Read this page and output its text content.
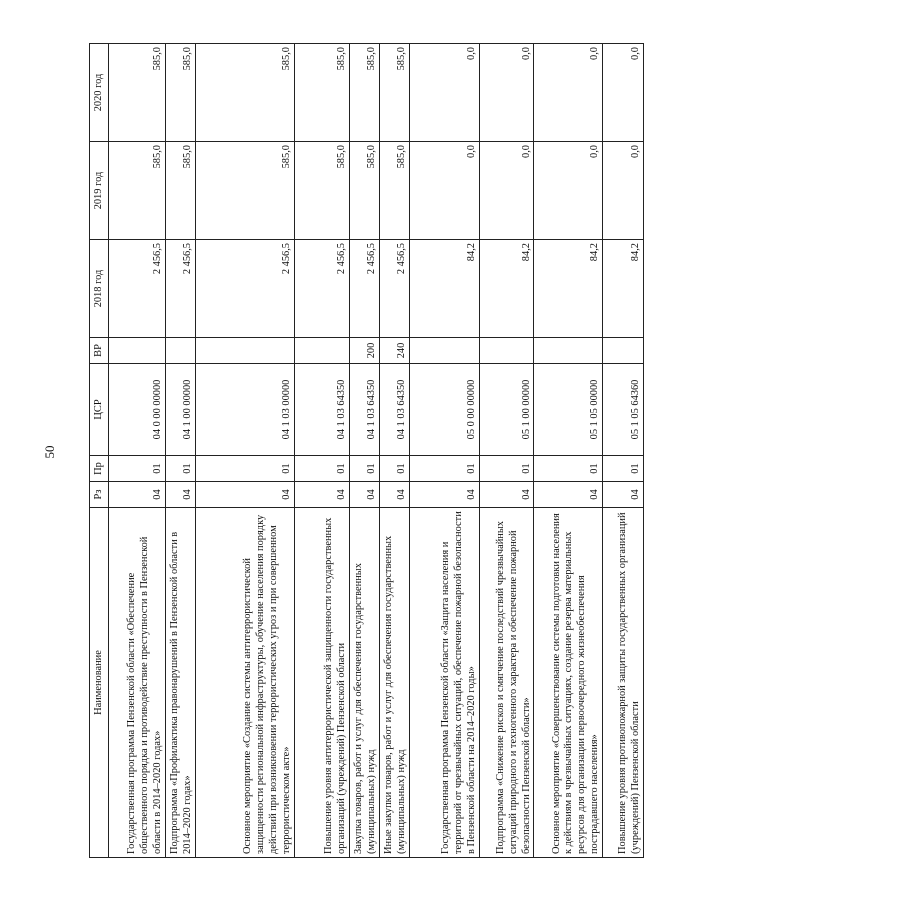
50
Наименование	Рз	Пр	ЦСР	ВР	2018 год	2019 год	2020 год
Государственная программа Пензенской области «Обеспечение общественного порядка и противодействие преступности в Пензенской области в 2014–2020 годах»	04	01	04 0 00 00000		2 456,5	585,0	585,0
Подпрограмма «Профилактика правонарушений в Пензенской области в 2014–2020 годах»	04	01	04 1 00 00000		2 456,5	585,0	585,0
Основное мероприятие «Создание системы антитеррористической защищенности региональной инфраструктуры, обучение населения порядку действий при возникновении террористических угроз и при совершенном террористическом акте»	04	01	04 1 03 00000		2 456,5	585,0	585,0
Повышение уровня антитеррористической защищенности государственных организаций (учреждений) Пензенской области	04	01	04 1 03 64350		2 456,5	585,0	585,0
Закупка товаров, работ и услуг для обеспечения государственных (муниципальных) нужд	04	01	04 1 03 64350	200	2 456,5	585,0	585,0
Иные закупки товаров, работ и услуг для обеспечения государственных (муниципальных) нужд	04	01	04 1 03 64350	240	2 456,5	585,0	585,0
Государственная программа Пензенской области «Защита населения и территорий от чрезвычайных ситуаций, обеспечение пожарной безопасности в Пензенской области на 2014–2020 годы»	04	01	05 0 00 00000		84,2	0,0	0,0
Подпрограмма «Снижение рисков и смягчение последствий чрезвычайных ситуаций природного и техногенного характера и обеспечение пожарной безопасности Пензенской области»	04	01	05 1 00 00000		84,2	0,0	0,0
Основное мероприятие «Совершенствование системы подготовки населения к действиям в чрезвычайных ситуациях, создание резерва материальных ресурсов для организации первоочередного жизнеобеспечения пострадавшего населения»	04	01	05 1 05 00000		84,2	0,0	0,0
Повышение уровня противопожарной защиты государственных организаций (учреждений) Пензенской области	04	01	05 1 05 64360		84,2	0,0	0,0
